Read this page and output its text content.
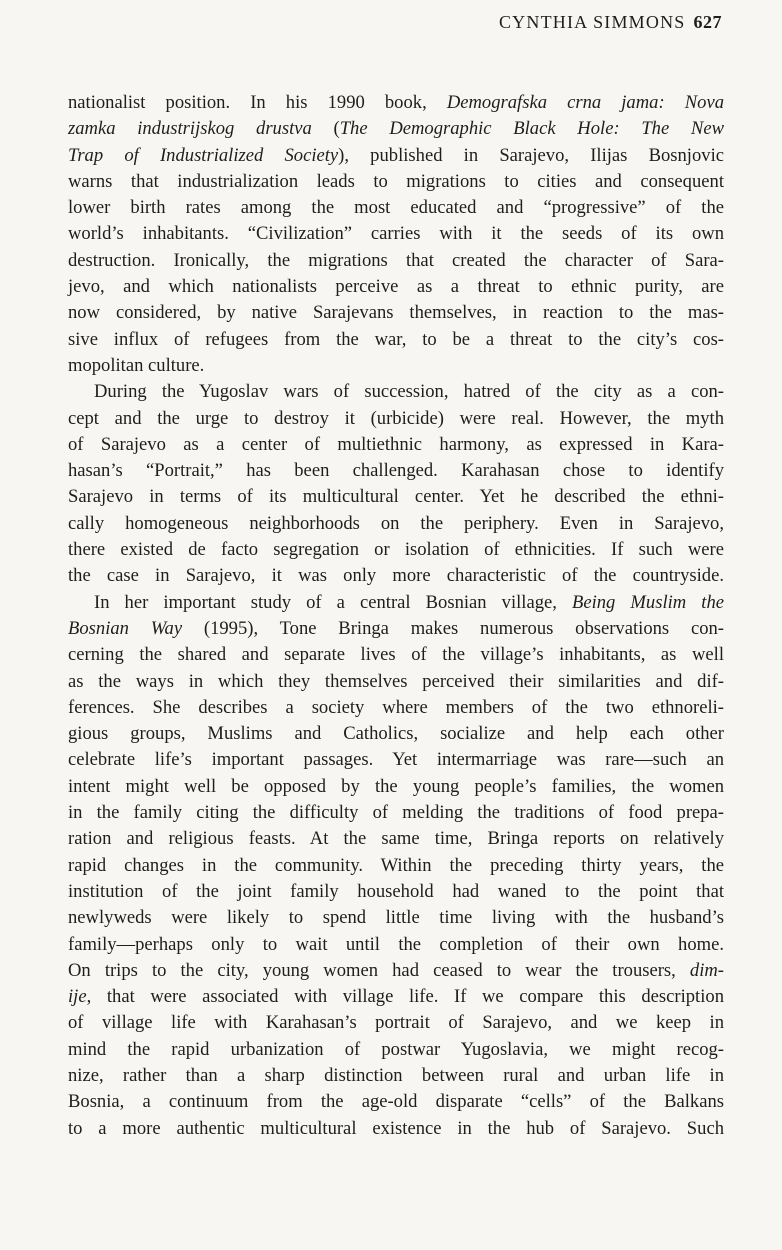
CYNTHIA SIMMONS 627
nationalist position. In his 1990 book, Demografska crna jama: Nova
zamka industrijskog drustva (The Demographic Black Hole: The New
Trap of Industrialized Society), published in Sarajevo, Ilijas Bosnjovic
warns that industrialization leads to migrations to cities and consequent
lower birth rates among the most educated and “progressive” of the
world’s inhabitants. “Civilization” carries with it the seeds of its own
destruction. Ironically, the migrations that created the character of Sara-
jevo, and which nationalists perceive as a threat to ethnic purity, are
now considered, by native Sarajevans themselves, in reaction to the mas-
sive influx of refugees from the war, to be a threat to the city’s cos-
mopolitan culture.
During the Yugoslav wars of succession, hatred of the city as a con-
cept and the urge to destroy it (urbicide) were real. However, the myth
of Sarajevo as a center of multiethnic harmony, as expressed in Kara-
hasan’s “Portrait,” has been challenged. Karahasan chose to identify
Sarajevo in terms of its multicultural center. Yet he described the ethni-
cally homogeneous neighborhoods on the periphery. Even in Sarajevo,
there existed de facto segregation or isolation of ethnicities. If such were
the case in Sarajevo, it was only more characteristic of the countryside.
In her important study of a central Bosnian village, Being Muslim the
Bosnian Way (1995), Tone Bringa makes numerous observations con-
cerning the shared and separate lives of the village’s inhabitants, as well
as the ways in which they themselves perceived their similarities and dif-
ferences. She describes a society where members of the two ethnoreli-
gious groups, Muslims and Catholics, socialize and help each other
celebrate life’s important passages. Yet intermarriage was rare—such an
intent might well be opposed by the young people’s families, the women
in the family citing the difficulty of melding the traditions of food prepa-
ration and religious feasts. At the same time, Bringa reports on relatively
rapid changes in the community. Within the preceding thirty years, the
institution of the joint family household had waned to the point that
newlyweds were likely to spend little time living with the husband’s
family—perhaps only to wait until the completion of their own home.
On trips to the city, young women had ceased to wear the trousers, dim-
ije, that were associated with village life. If we compare this description
of village life with Karahasan’s portrait of Sarajevo, and we keep in
mind the rapid urbanization of postwar Yugoslavia, we might recog-
nize, rather than a sharp distinction between rural and urban life in
Bosnia, a continuum from the age-old disparate “cells” of the Balkans
to a more authentic multicultural existence in the hub of Sarajevo. Such
